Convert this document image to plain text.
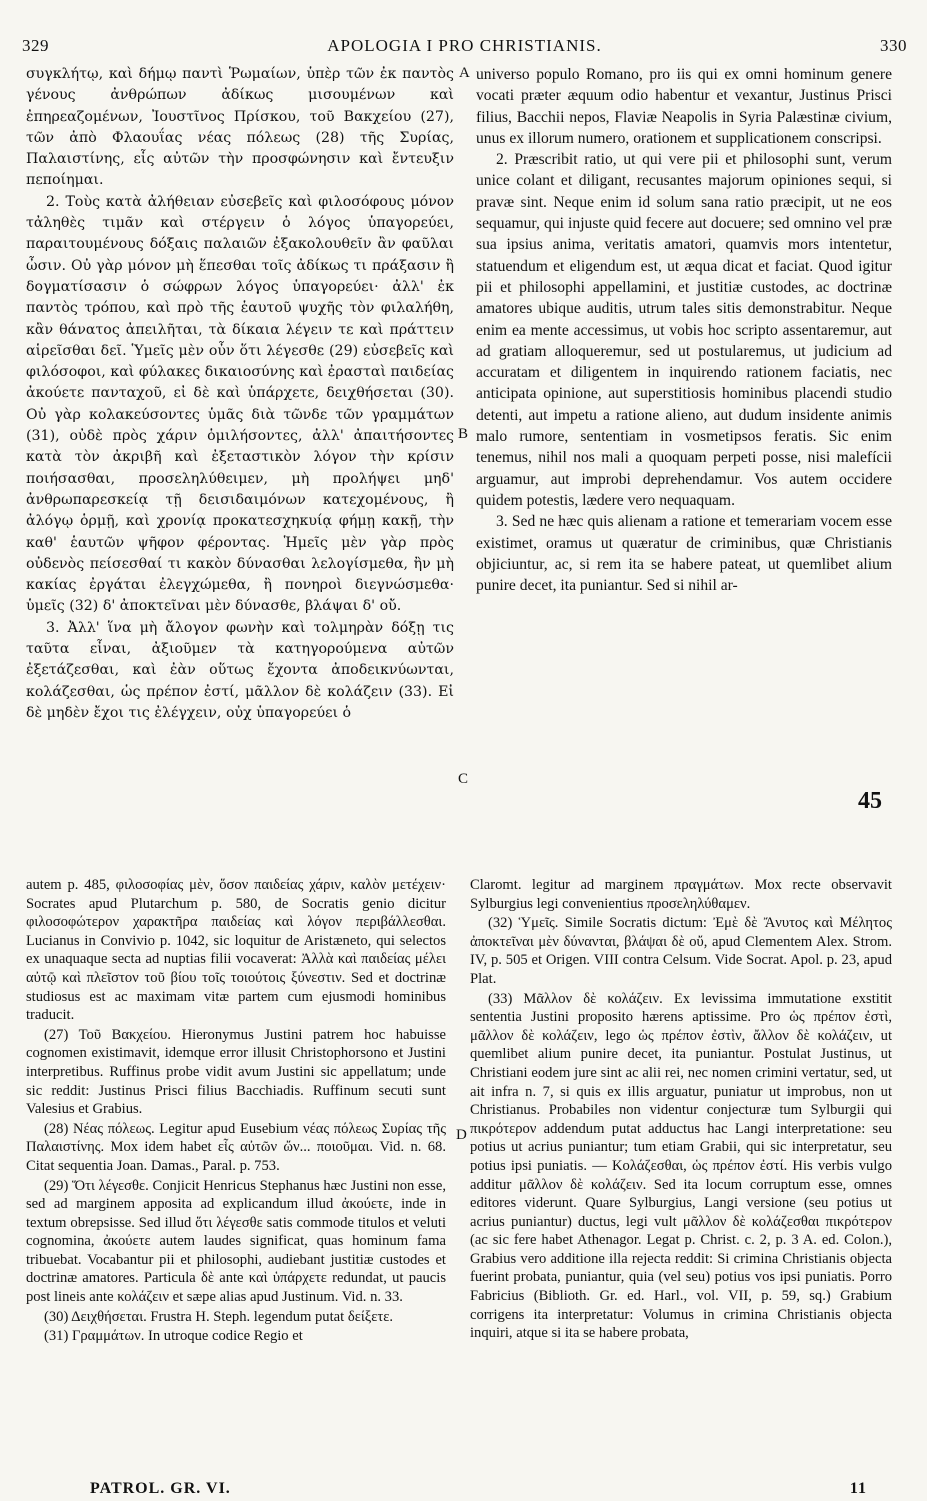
329	APOLOGIA I PRO CHRISTIANIS.	330

συγκλήτῳ, καὶ δήμῳ παντὶ Ῥωμαίων, ὑπὲρ τῶν ἐκ παντὸς γένους ἀνθρώπων ἀδίκως μισουμένων καὶ ἐπηρεαζομένων, Ἰουστῖνος Πρίσκου, τοῦ Βακχείου (27), τῶν ἀπὸ Φλαουΐας νέας πόλεως (28) τῆς Συρίας, Παλαιστίνης, εἷς αὐτῶν τὴν προσφώνησιν καὶ ἔντευξιν πεποίημαι.

2. Τοὺς κατὰ ἀλήθειαν εὐσεβεῖς καὶ φιλοσόφους μόνον τἀληθὲς τιμᾶν καὶ στέργειν ὁ λόγος ὑπαγορεύει, παραιτουμένους δόξαις παλαιῶν ἐξακολουθεῖν ἂν φαῦλαι ὦσιν. Οὐ γὰρ μόνον μὴ ἕπεσθαι τοῖς ἀδίκως τι πράξασιν ἢ δογματίσασιν ὁ σώφρων λόγος ὑπαγορεύει· ἀλλ' ἐκ παντὸς τρόπου, καὶ πρὸ τῆς ἑαυτοῦ ψυχῆς τὸν φιλαλήθη, κἂν θάνατος ἀπειλῆται, τὰ δίκαια λέγειν τε καὶ πράττειν αἱρεῖσθαι δεῖ. Ὑμεῖς μὲν οὖν ὅτι λέγεσθε (29) εὐσεβεῖς καὶ φιλόσοφοι, καὶ φύλακες δικαιοσύνης καὶ ἐρασταὶ παιδείας ἀκούετε πανταχοῦ, εἰ δὲ καὶ ὑπάρχετε, δειχθήσεται (30). Οὐ γὰρ κολακεύσοντες ὑμᾶς διὰ τῶνδε τῶν γραμμάτων (31), οὐδὲ πρὸς χάριν ὁμιλήσοντες, ἀλλ' ἀπαιτήσοντες κατὰ τὸν ἀκριβῆ καὶ ἐξεταστικὸν λόγον τὴν κρίσιν ποιήσασθαι, προσεληλύθειμεν, μὴ προλήψει μηδ' ἀνθρωπαρεσκείᾳ τῇ δεισιδαιμόνων κατεχομένους, ἢ ἀλόγῳ ὁρμῇ, καὶ χρονίᾳ προκατεσχηκυίᾳ φήμῃ κακῇ, τὴν καθ' ἑαυτῶν ψῆφον φέροντας. Ἡμεῖς μὲν γὰρ πρὸς οὐδενὸς πείσεσθαί τι κακὸν δύνασθαι λελογίσμεθα, ἢν μὴ κακίας ἐργάται ἐλεγχώμεθα, ἢ πονηροὶ διεγνώσμεθα· ὑμεῖς (32) δ' ἀποκτεῖναι μὲν δύνασθε, βλάψαι δ' οὔ.

3. Ἀλλ' ἵνα μὴ ἄλογον φωνὴν καὶ τολμηρὰν δόξῃ τις ταῦτα εἶναι, ἀξιοῦμεν τὰ κατηγορούμενα αὐτῶν ἐξετάζεσθαι, καὶ ἐὰν οὕτως ἔχοντα ἀποδεικνύωνται, κολάζεσθαι, ὡς πρέπον ἐστί, μᾶλλον δὲ κολάζειν (33). Εἰ δὲ μηδὲν ἔχοι τις ἐλέγχειν, οὐχ ὑπαγορεύει ὁ

A
B
C
D

universo populo Romano, pro iis qui ex omni hominum genere vocati præter æquum odio habentur et vexantur, Justinus Prisci filius, Bacchii nepos, Flaviæ Neapolis in Syria Palæstinæ civium, unus ex illorum numero, orationem et supplicationem conscripsi.

2. Præscribit ratio, ut qui vere pii et philosophi sunt, verum unice colant et diligant, recusantes majorum opiniones sequi, si pravæ sint. Neque enim id solum sana ratio præcipit, ut ne eos sequamur, qui injuste quid fecere aut docuere; sed omnino vel præ sua ipsius anima, veritatis amatori, quamvis mors intentetur, statuendum et eligendum est, ut æqua dicat et faciat. Quod igitur pii et philosophi appellamini, et justitiæ custodes, ac doctrinæ amatores ubique auditis, utrum tales sitis demonstrabitur. Neque enim ea mente accessimus, ut vobis hoc scripto assentaremur, aut ad gratiam alloqueremur, sed ut postularemus, ut judicium ad accuratam et diligentem in inquirendo rationem faciatis, nec anticipata opinione, aut superstitiosis hominibus placendi studio detenti, aut impetu a ratione alieno, aut dudum insidente animis malo rumore, sententiam in vosmetipsos feratis. Sic enim tenemus, nihil nos mali a quoquam perpeti posse, nisi malefícii arguamur, aut improbi deprehendamur. Vos autem occidere quidem potestis, lædere vero nequaquam.

3. Sed ne hæc quis alienam a ratione et temerariam vocem esse existimet, oramus ut quæratur de criminibus, quæ Christianis objiciuntur, ac, si rem ita se habere pateat, ut quemlibet alium punire decet, ita puniantur. Sed si nihil ar-

45

autem p. 485, φιλοσοφίας μὲν, ὅσον παιδείας χάριν, καλὸν μετέχειν· Socrates apud Plutarchum p. 580, de Socratis genio dicitur φιλοσοφώτερον χαρακτῆρα παιδείας καὶ λόγον περιβάλλεσθαι. Lucianus in Convivio p. 1042, sic loquitur de Aristæneto, qui selectos ex unaquaque secta ad nuptias filii vocaverat: Ἀλλὰ καὶ παιδείας μέλει αὐτῷ καὶ πλεῖστον τοῦ βίου τοῖς τοιούτοις ξύνεστιν. Sed et doctrinæ studiosus est ac maximam vitæ partem cum ejusmodi hominibus traducit.

(27) Τοῦ Βακχείου. Hieronymus Justini patrem hoc habuisse cognomen existimavit, idemque error illusit Christophorsono et Justini interpretibus. Ruffinus probe vidit avum Justini sic appellatum; unde sic reddit: Justinus Prisci filius Bacchiadis. Ruffinum secuti sunt Valesius et Grabius.

(28) Νέας πόλεως. Legitur apud Eusebium νέας πόλεως Συρίας τῆς Παλαιστίνης. Mox idem habet εἷς αὐτῶν ὤν... ποιοῦμαι. Vid. n. 68. Citat sequentia Joan. Damas., Paral. p. 753.

(29) Ὅτι λέγεσθε. Conjicit Henricus Stephanus hæc Justini non esse, sed ad marginem apposita ad explicandum illud ἀκούετε, inde in textum obrepsisse. Sed illud ὅτι λέγεσθε satis commode titulos et veluti cognomina, ἀκούετε autem laudes significat, quas hominum fama tribuebat. Vocabantur pii et philosophi, audiebant justitiæ custodes et doctrinæ amatores. Particula δὲ ante καὶ ὑπάρχετε redundat, ut paucis post lineis ante κολάζειν et sæpe alias apud Justinum. Vid. n. 33.

(30) Δειχθήσεται. Frustra H. Steph. legendum putat δείξετε.

(31) Γραμμάτων. In utroque codice Regio et

Claromt. legitur ad marginem πραγμάτων. Mox recte observavit Sylburgius legi convenientius προσεληλύθαμεν.

(32) Ὑμεῖς. Simile Socratis dictum: Ἐμὲ δὲ Ἄνυτος καὶ Μέλητος ἀποκτεῖναι μὲν δύνανται, βλάψαι δὲ οὔ, apud Clementem Alex. Strom. IV, p. 505 et Origen. VIII contra Celsum. Vide Socrat. Apol. p. 23, apud Plat.

(33) Μᾶλλον δὲ κολάζειν. Ex levissima immutatione exstitit sententia Justini proposito hærens aptissime. Pro ὡς πρέπον ἐστὶ, μᾶλλον δὲ κολάζειν, lego ὡς πρέπον ἐστὶν, ἄλλον δὲ κολάζειν, ut quemlibet alium punire decet, ita puniantur. Postulat Justinus, ut Christiani eodem jure sint ac alii rei, nec nomen crimini vertatur, sed, ut ait infra n. 7, si quis ex illis arguatur, puniatur ut improbus, non ut Christianus. Probabiles non videntur conjecturæ tum Sylburgii qui πικρότερον addendum putat adductus hac Langi interpretatione: seu potius ut acrius puniantur; tum etiam Grabii, qui sic interpretatur, seu potius ipsi puniatis. — Κολάζεσθαι, ὡς πρέπον ἐστί. His verbis vulgo additur μᾶλλον δὲ κολάζειν. Sed ita locum corruptum esse, omnes editores viderunt. Quare Sylburgius, Langi versione (seu potius ut acrius puniantur) ductus, legi vult μᾶλλον δὲ κολάζεσθαι πικρότερον (ac sic fere habet Athenagor. Legat p. Christ. c. 2, p. 3 A. ed. Colon.), Grabius vero additione illa rejecta reddit: Si crimina Christianis objecta fuerint probata, puniantur, quia (vel seu) potius vos ipsi puniatis. Porro Fabricius (Biblioth. Gr. ed. Harl., vol. VII, p. 59, sq.) Grabium corrigens ita interpretatur: Volumus in crimina Christianis objecta inquiri, atque si ita se habere probata,

PATROL. GR. VI.	11
